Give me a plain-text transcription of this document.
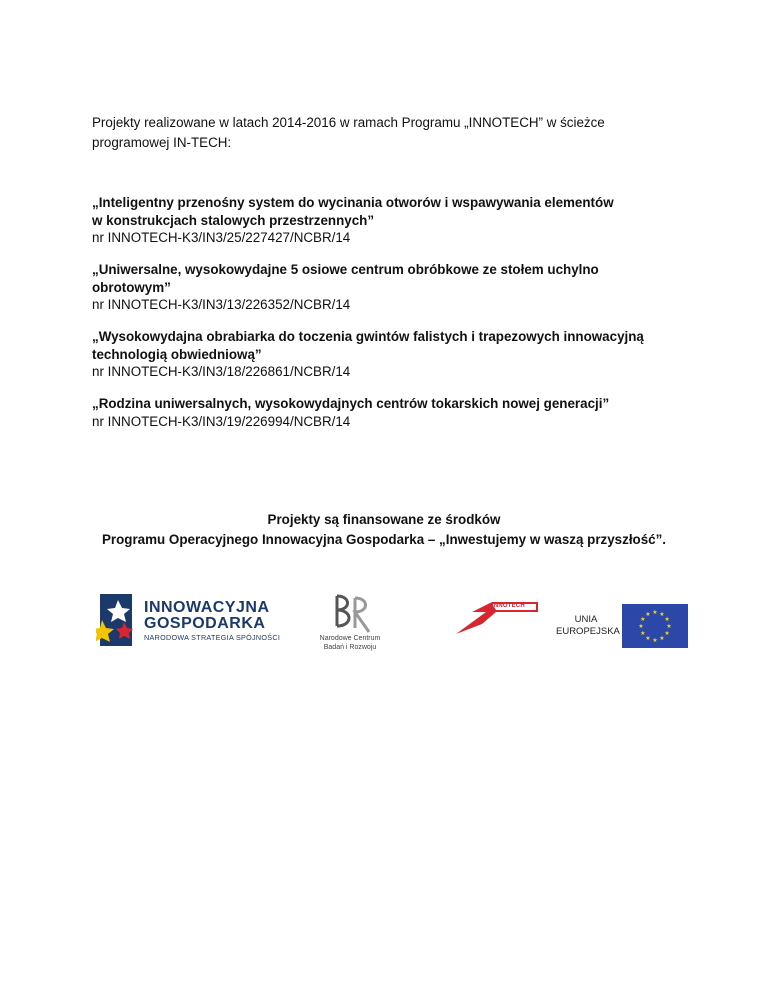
Projekty realizowane w latach 2014-2016 w ramach Programu „INNOTECH” w ścieżce programowej IN-TECH:
„Inteligentny przenośny system do wycinania otworów i wspawywania elementów
w konstrukcjach stalowych przestrzennych”
nr INNOTECH-K3/IN3/25/227427/NCBR/14
„Uniwersalne, wysokowydajne 5 osiowe centrum obróbkowe ze stołem uchylno
obrotowym”
nr INNOTECH-K3/IN3/13/226352/NCBR/14
„Wysokowydajna obrabiarka do toczenia gwintów falistych i trapezowych innowacyjną
technologią obwiedniową”
nr INNOTECH-K3/IN3/18/226861/NCBR/14
„Rodzina uniwersalnych, wysokowydajnych centrów tokarskich nowej generacji”
nr INNOTECH-K3/IN3/19/226994/NCBR/14
Projekty są finansowane ze środków
Programu Operacyjnego Innowacyjna Gospodarka – „Inwestujemy w waszą przyszłość”.
INNOWACYJNA
GOSPODARKA
NARODOWA STRATEGIA SPÓJNOŚCI	Narodowe Centrum
Badań i Rozwoju
INNOTECH
UNIA
EUROPEJSKA
★ ★
★
★
★
★
★
★
★
★
★
★
